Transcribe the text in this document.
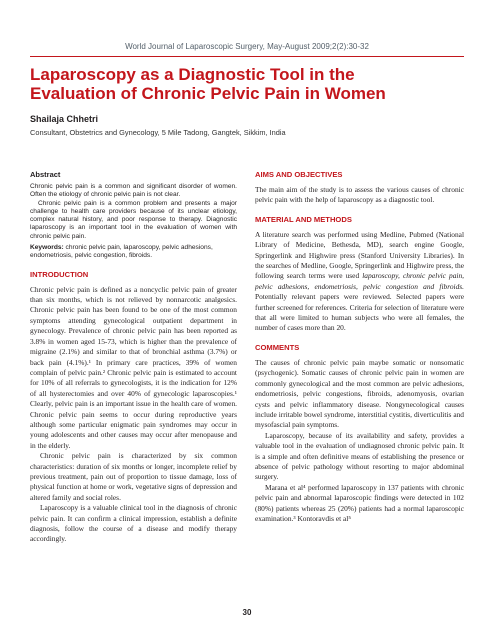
World Journal of Laparoscopic Surgery, May-August 2009;2(2):30-32
Laparoscopy as a Diagnostic Tool in the
Evaluation of Chronic Pelvic Pain in Women
Shailaja Chhetri
Consultant, Obstetrics and Gynecology, 5 Mile Tadong, Gangtek, Sikkim, India
Abstract

Chronic pelvic pain is a common and significant disorder of women. Often the etiology of chronic pelvic pain is not clear.

Chronic pelvic pain is a common problem and presents a major challenge to health care providers because of its unclear etiology, complex natural history, and poor response to therapy. Diagnostic laparoscopy is an important tool in the evaluation of women with chronic pelvic pain.

Keywords: chronic pelvic pain, laparoscopy, pelvic adhesions, endometriosis, pelvic congestion, fibroids.

INTRODUCTION

Chronic pelvic pain is defined as a noncyclic pelvic pain of greater than six months, which is not relieved by nonnarcotic analgesics. Chronic pelvic pain has been found to be one of the most common symptoms attending gynecological outpatient department in gynecology. Prevalence of chronic pelvic pain has been reported as 3.8% in women aged 15-73, which is higher than the prevalence of migraine (2.1%) and similar to that of bronchial asthma (3.7%) or back pain (4.1%).¹ In primary care practices, 39% of women complain of pelvic pain.² Chronic pelvic pain is estimated to account for 10% of all referrals to gynecologists, it is the indication for 12% of all hysterectomies and over 40% of gynecologic laparoscopies.¹ Clearly, pelvic pain is an important issue in the health care of women. Chronic pelvic pain seems to occur during reproductive years although some particular enigmatic pain syndromes may occur in young adolescents and other causes may occur after menopause and in the elderly.

Chronic pelvic pain is characterized by six common characteristics: duration of six months or longer, incomplete relief by previous treatment, pain out of proportion to tissue damage, loss of physical function at home or work, vegetative signs of depression and altered family and social roles.

Laparoscopy is a valuable clinical tool in the diagnosis of chronic pelvic pain. It can confirm a clinical impression, establish a definite diagnosis, follow the course of a disease and modify therapy accordingly.

AIMS AND OBJECTIVES

The main aim of the study is to assess the various causes of chronic pelvic pain with the help of laparoscopy as a diagnostic tool.

MATERIAL AND METHODS

A literature search was performed using Medline, Pubmed (National Library of Medicine, Bethesda, MD), search engine Google, Springerlink and Highwire press (Stanford University Libraries). In the searches of Medline, Google, Springerlink and Highwire press, the following search terms were used laparoscopy, chronic pelvic pain, pelvic adhesions, endometriosis, pelvic congestion and fibroids. Potentially relevant papers were reviewed. Selected papers were further screened for references. Criteria for selection of literature were that all were limited to human subjects who were all females, the number of cases more than 20.

COMMENTS

The causes of chronic pelvic pain maybe somatic or nonsomatic (psychogenic). Somatic causes of chronic pelvic pain in women are commonly gynecological and the most common are pelvic adhesions, endometriosis, pelvic congestions, fibroids, adenomyosis, ovarian cysts and pelvic inflammatory disease. Nongynecological causes include irritable bowel syndrome, interstitial cystitis, diverticulitis and mysofascial pain symptoms.

Laparoscopy, because of its availability and safety, provides a valuable tool in the evaluation of undiagnosed chronic pelvic pain. It is a simple and often definitive means of establishing the presence or absence of pelvic pathology without resorting to major abdominal surgery.

Marana et al⁴ performed laparoscopy in 137 patients with chronic pelvic pain and abnormal laparoscopic findings were detected in 102 (80%) patients whereas 25 (20%) patients had a normal laparoscopic examination.³ Kontoravdis et al⁵

30
